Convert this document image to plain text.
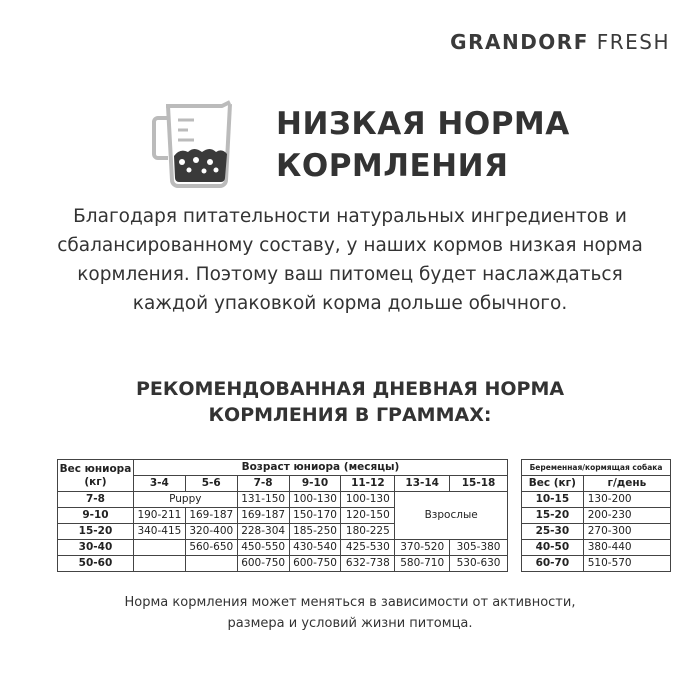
GRANDORF FRESH
НИЗКАЯ НОРМА
КОРМЛЕНИЯ
Благодаря питательности натуральных ингредиентов и
сбалансированному составу, у наших кормов низкая норма
кормления. Поэтому ваш питомец будет наслаждаться
каждой упаковкой корма дольше обычного.
РЕКОМЕНДОВАННАЯ ДНЕВНАЯ НОРМА
КОРМЛЕНИЯ В ГРАММАХ:
Вес юниора
(кг)	Возраст юниора (месяцы)						
	3-4	5-6	7-8	9-10	11-12	13-14	15-18
7-8	Puppy		131-150	100-130	100-130	Взрослые	
9-10	190-211	169-187	169-187	150-170	120-150		
15-20	340-415	320-400	228-304	185-250	180-225		
30-40		560-650	450-550	430-540	425-530	370-520	305-380
50-60			600-750	600-750	632-738	580-710	530-630
Беременная/кормящая собака	
Вес (кг)	г/день
10-15	130-200
15-20	200-230
25-30	270-300
40-50	380-440
60-70	510-570
Норма кормления может меняться в зависимости от активности,
размера и условий жизни питомца.
